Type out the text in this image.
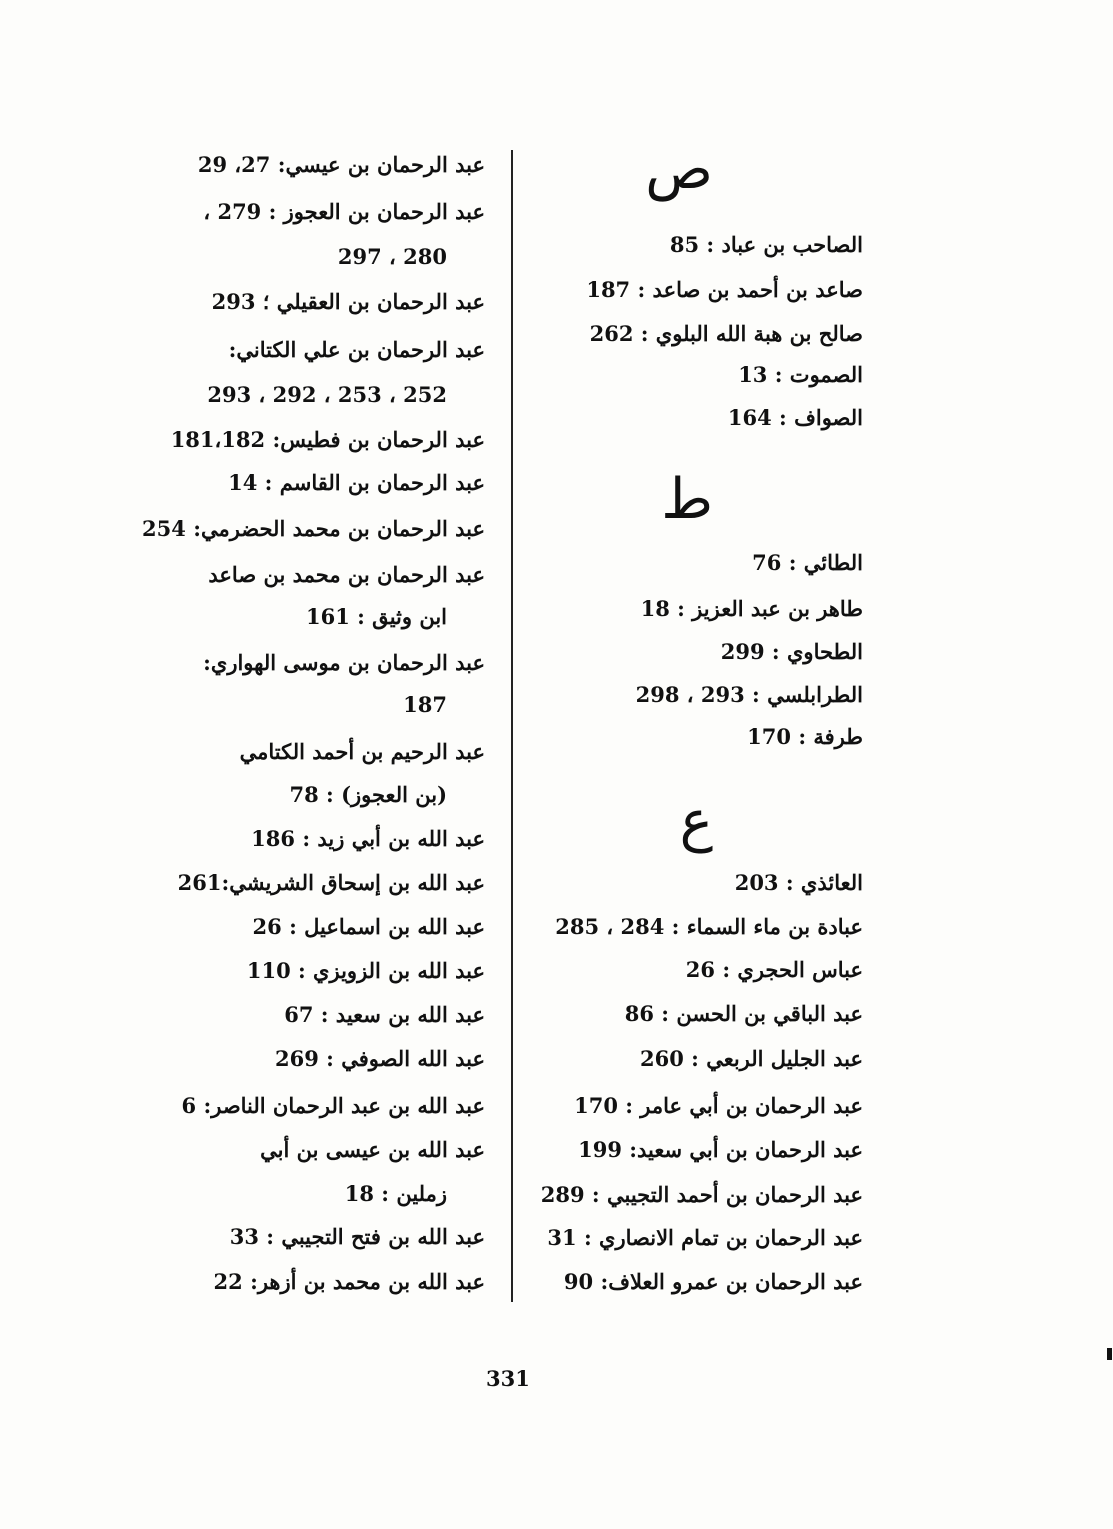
ص
الصاحب بن عباد : 85
صاعد بن أحمد بن صاعد : 187
صالح بن هبة الله البلوي : 262
الصموت : 13
الصواف : 164
ط
الطائي : 76
طاهر بن عبد العزيز : 18
الطحاوي : 299
الطرابلسي : 293 ، 298
طرفة : 170
ع
العائذي : 203
عبادة بن ماء السماء : 284 ، 285
عباس الحجري : 26
عبد الباقي بن الحسن : 86
عبد الجليل الربعي : 260
عبد الرحمان بن أبي عامر : 170
عبد الرحمان بن أبي سعيد: 199
عبد الرحمان بن أحمد التجيبي : 289
عبد الرحمان بن تمام الانصاري : 31
عبد الرحمان بن عمرو العلاف: 90
عبد الرحمان بن عيسي: 27، 29
عبد الرحمان بن العجوز : 279 ،
280 ، 297
عبد الرحمان بن العقيلي ؛ 293
عبد الرحمان بن علي الكتاني:
252 ، 253 ، 292 ، 293
عبد الرحمان بن فطيس: 181،182
عبد الرحمان بن القاسم : 14
عبد الرحمان بن محمد الحضرمي: 254
عبد الرحمان بن محمد بن صاعد
ابن وثيق : 161
عبد الرحمان بن موسى الهواري:
187
عبد الرحيم بن أحمد الكتامي
(بن العجوز) : 78
عبد الله بن أبي زيد : 186
عبد الله بن إسحاق الشريشي:261
عبد الله بن اسماعيل : 26
عبد الله بن الزويزي : 110
عبد الله بن سعيد : 67
عبد الله الصوفي : 269
عبد الله بن عبد الرحمان الناصر: 6
عبد الله بن عيسى بن أبي
زملين : 18
عبد الله بن فتح التجيبي : 33
عبد الله بن محمد بن أزهر: 22
331
